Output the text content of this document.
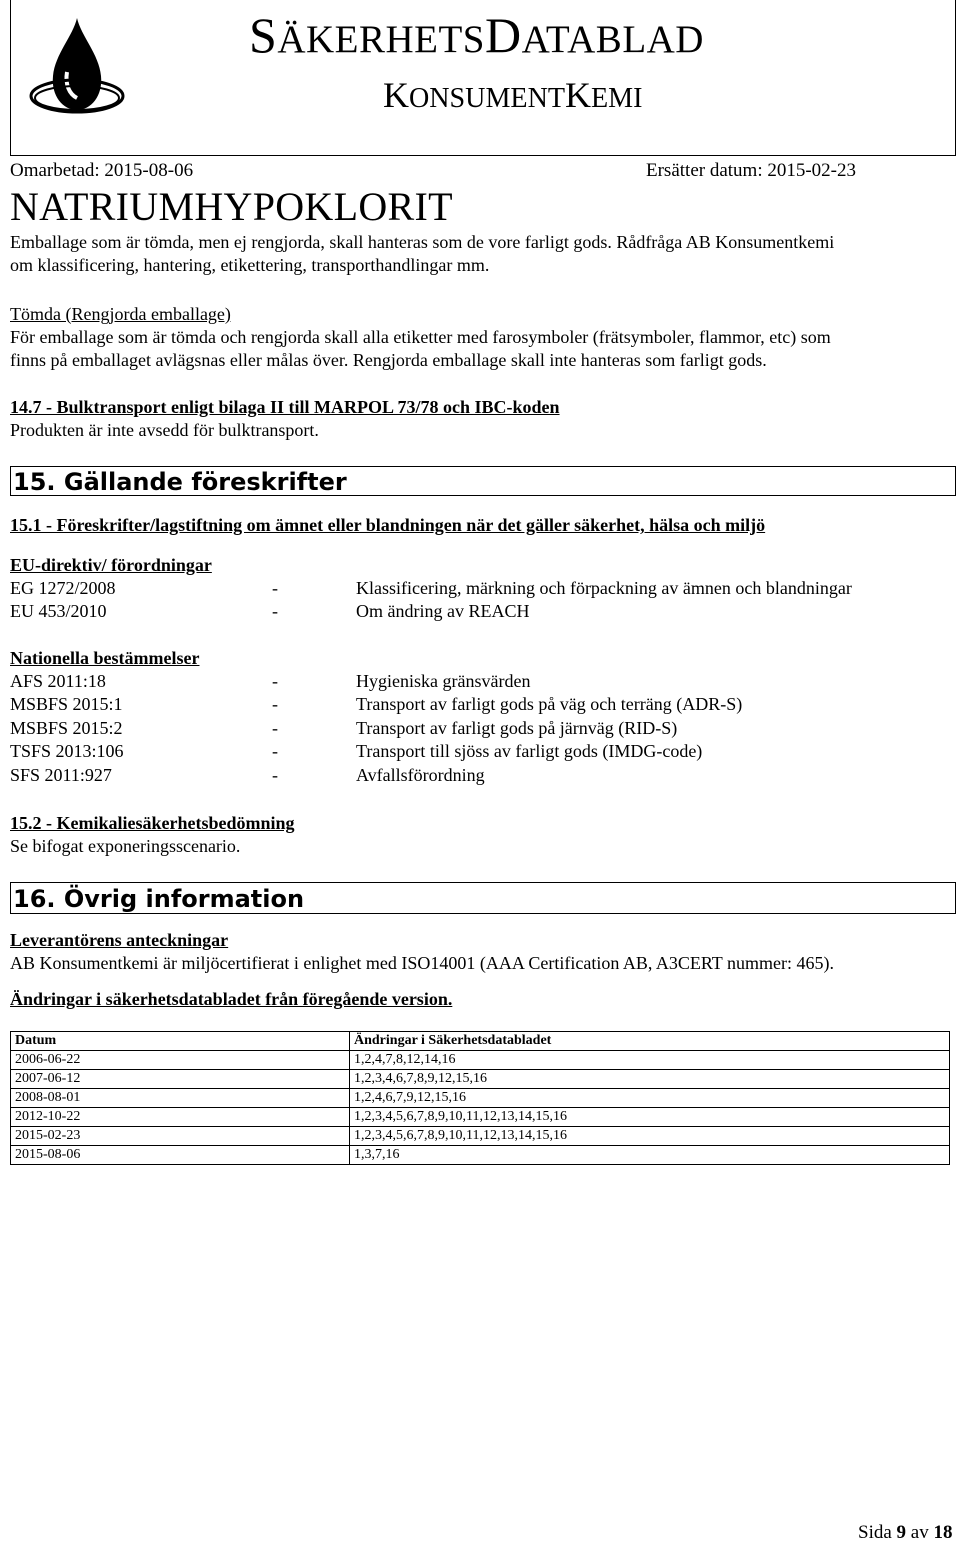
SÄKERHETSDATABLAD
KONSUMENTKEMI
Omarbetad: 2015-08-06	Ersätter datum: 2015-02-23
NATRIUMHYPOKLORIT
Emballage som är tömda, men ej rengjorda, skall hanteras som de vore farligt gods. Rådfråga AB Konsumentkemi
om klassificering, hantering, etikettering, transporthandlingar mm.
Tömda (Rengjorda emballage)
För emballage som är tömda och rengjorda skall alla etiketter med farosymboler (frätsymboler, flammor, etc) som
finns på emballaget avlägsnas eller målas över. Rengjorda emballage skall inte hanteras som farligt gods.
14.7 - Bulktransport enligt bilaga II till MARPOL 73/78 och IBC-koden
Produkten är inte avsedd för bulktransport.
15. Gällande föreskrifter
15.1 - Föreskrifter/lagstiftning om ämnet eller blandningen när det gäller säkerhet, hälsa och miljö
EU-direktiv/ förordningar
EG 1272/2008	-	Klassificering, märkning och förpackning av ämnen och blandningar
EU 453/2010	-	Om ändring av REACH
Nationella bestämmelser
AFS 2011:18	-	Hygieniska gränsvärden
MSBFS 2015:1	-	Transport av farligt gods på väg och terräng (ADR-S)
MSBFS 2015:2	-	Transport av farligt gods på järnväg (RID-S)
TSFS 2013:106	-	Transport till sjöss av farligt gods (IMDG-code)
SFS 2011:927	-	Avfallsförordning
15.2 - Kemikaliesäkerhetsbedömning
Se bifogat exponeringsscenario.
16. Övrig information
Leverantörens anteckningar
AB Konsumentkemi är miljöcertifierat i enlighet med ISO14001 (AAA Certification AB, A3CERT nummer: 465).
Ändringar i säkerhetsdatabladet från föregående version.
Datum	Ändringar i Säkerhetsdatabladet
2006-06-22	1,2,4,7,8,12,14,16
2007-06-12	1,2,3,4,6,7,8,9,12,15,16
2008-08-01	1,2,4,6,7,9,12,15,16
2012-10-22	1,2,3,4,5,6,7,8,9,10,11,12,13,14,15,16
2015-02-23	1,2,3,4,5,6,7,8,9,10,11,12,13,14,15,16
2015-08-06	1,3,7,16
Sida 9 av 18
